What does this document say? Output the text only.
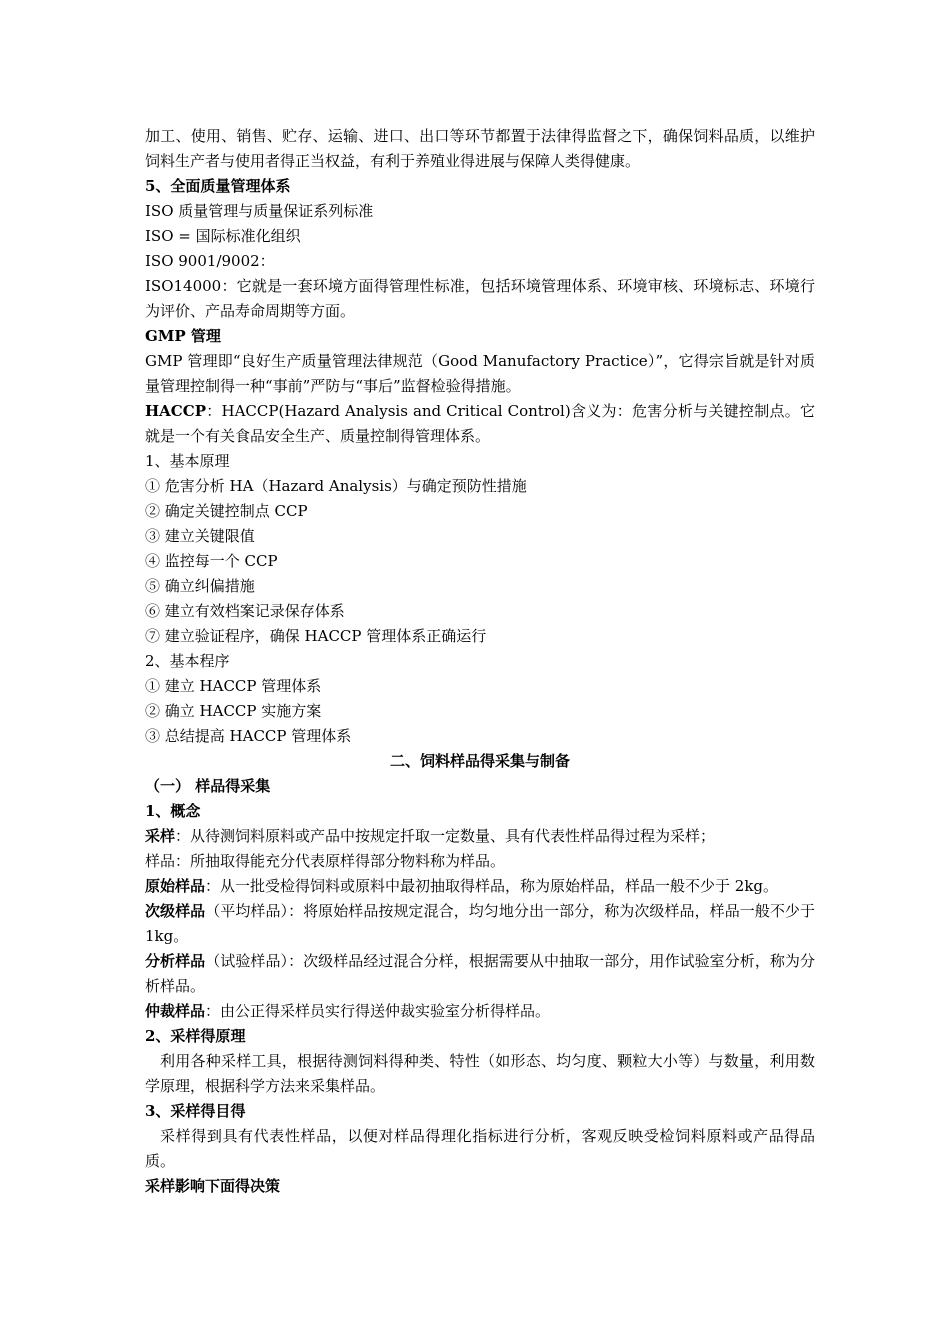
加工、使用、销售、贮存、运输、进口、出口等环节都置于法律得监督之下，确保饲料品质，以维护饲料生产者与使用者得正当权益，有利于养殖业得进展与保障人类得健康。
5、全面质量管理体系
ISO 质量管理与质量保证系列标准
ISO = 国际标准化组织
ISO 9001/9002：
ISO14000：它就是一套环境方面得管理性标准，包括环境管理体系、环境审核、环境标志、环境行为评价、产品寿命周期等方面。
GMP 管理
GMP 管理即“良好生产质量管理法律规范（Good Manufactory Practice）”，它得宗旨就是针对质量管理控制得一种“事前”严防与“事后”监督检验得措施。
HACCP：HACCP(Hazard Analysis and Critical Control)含义为：危害分析与关键控制点。它就是一个有关食品安全生产、质量控制得管理体系。
1、基本原理
① 危害分析 HA（Hazard Analysis）与确定预防性措施
② 确定关键控制点 CCP
③ 建立关键限值
④ 监控每一个 CCP
⑤ 确立纠偏措施
⑥ 建立有效档案记录保存体系
⑦ 建立验证程序，确保 HACCP 管理体系正确运行
2、基本程序
① 建立 HACCP 管理体系
② 确立 HACCP 实施方案
③ 总结提高 HACCP 管理体系
二、饲料样品得采集与制备
（一） 样品得采集
1、概念
采样：从待测饲料原料或产品中按规定扦取一定数量、具有代表性样品得过程为采样；
样品：所抽取得能充分代表原样得部分物料称为样品。
原始样品：从一批受检得饲料或原料中最初抽取得样品，称为原始样品，样品一般不少于 2kg。
次级样品（平均样品）：将原始样品按规定混合，均匀地分出一部分，称为次级样品，样品一般不少于 1kg。
分析样品（试验样品）：次级样品经过混合分样，根据需要从中抽取一部分，用作试验室分析，称为分析样品。
仲裁样品：由公正得采样员实行得送仲裁实验室分析得样品。
2、采样得原理
利用各种采样工具，根据待测饲料得种类、特性（如形态、均匀度、颗粒大小等）与数量，利用数学原理，根据科学方法来采集样品。
3、采样得目得
采样得到具有代表性样品，以便对样品得理化指标进行分析，客观反映受检饲料原料或产品得品质。
采样影响下面得决策
